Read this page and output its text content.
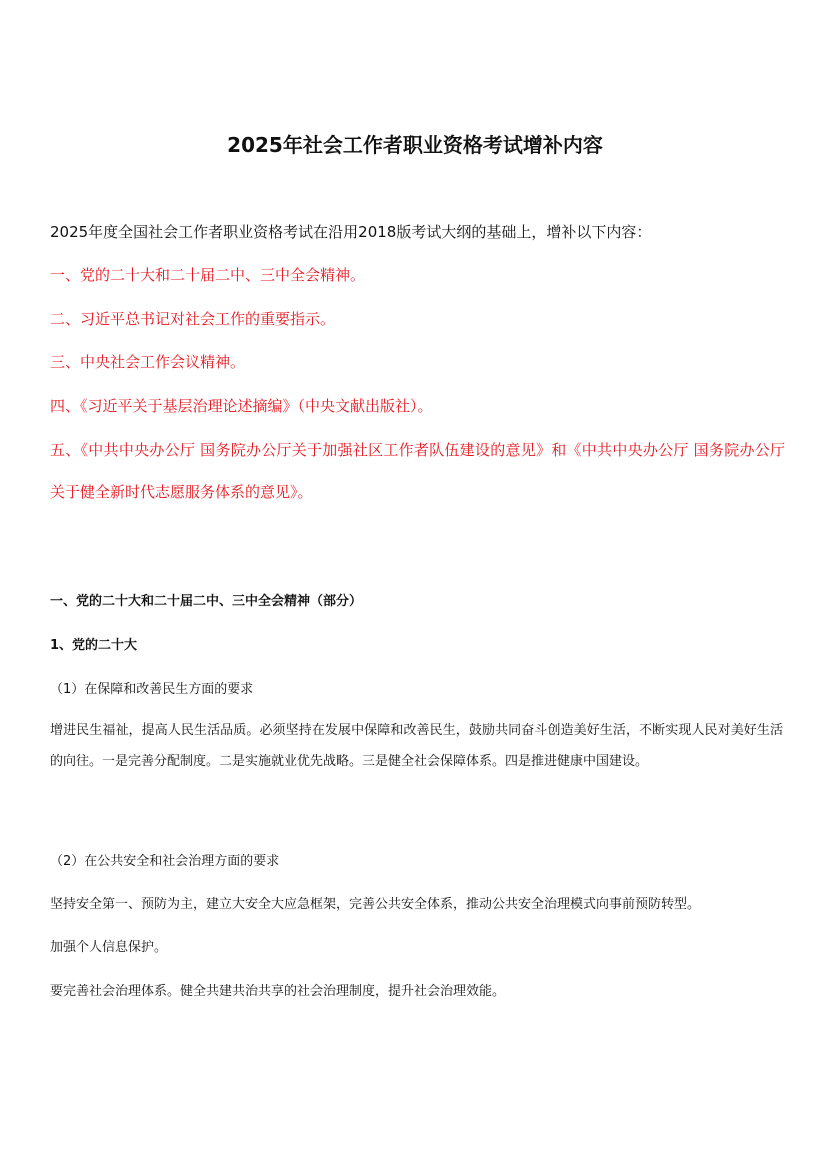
2025年社会工作者职业资格考试增补内容

2025年度全国社会工作者职业资格考试在沿用2018版考试大纲的基础上，增补以下内容：

一、党的二十大和二十届二中、三中全会精神。

二、习近平总书记对社会工作的重要指示。

三、中央社会工作会议精神。

四、《习近平关于基层治理论述摘编》（中央文献出版社）。

五、《中共中央办公厅 国务院办公厅关于加强社区工作者队伍建设的意见》和《中共中央办公厅 国务院办公厅关于健全新时代志愿服务体系的意见》。

一、党的二十大和二十届二中、三中全会精神（部分）
1、党的二十大

（1）在保障和改善民生方面的要求

增进民生福祉，提高人民生活品质。必须坚持在发展中保障和改善民生，鼓励共同奋斗创造美好生活，不断实现人民对美好生活的向往。一是完善分配制度。二是实施就业优先战略。三是健全社会保障体系。四是推进健康中国建设。

（2）在公共安全和社会治理方面的要求

坚持安全第一、预防为主，建立大安全大应急框架，完善公共安全体系，推动公共安全治理模式向事前预防转型。

加强个人信息保护。

要完善社会治理体系。健全共建共治共享的社会治理制度，提升社会治理效能。
